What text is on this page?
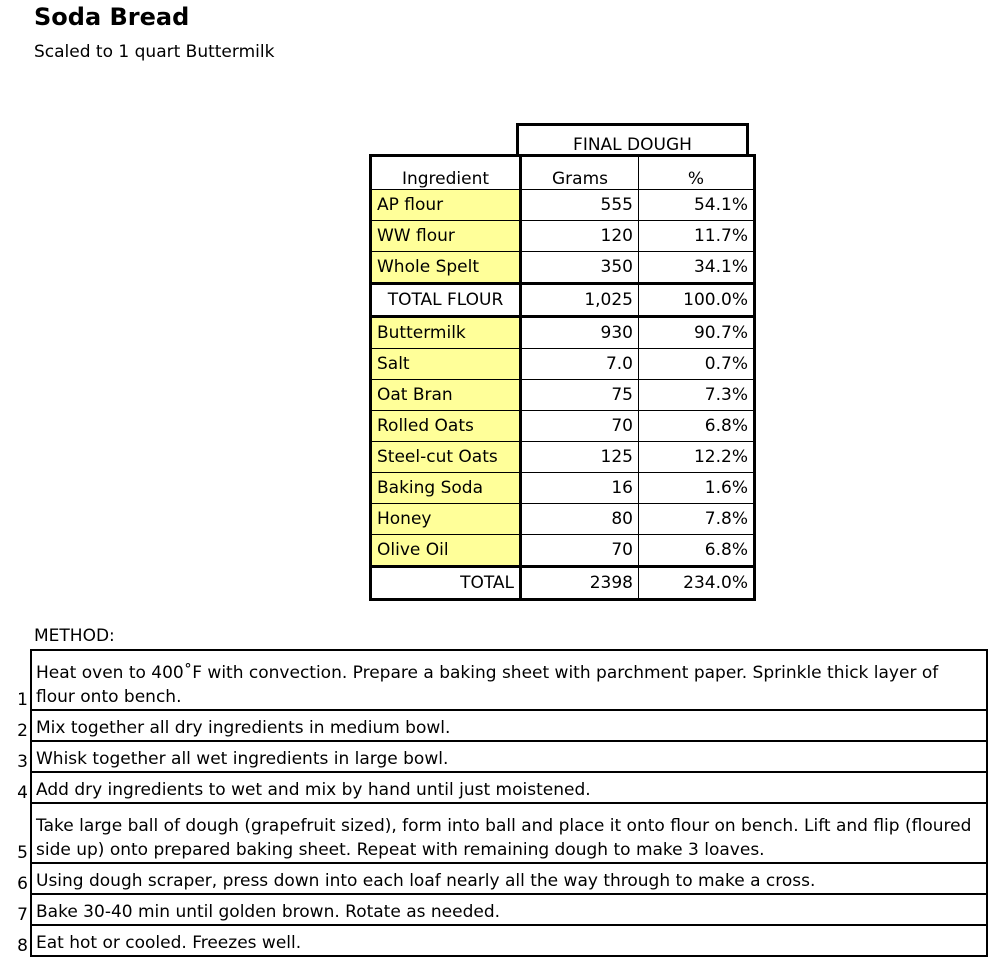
Soda Bread
Scaled to 1 quart Buttermilk
FINAL DOUGH
Ingredient	Grams	%
AP flour	555	54.1%
WW flour	120	11.7%
Whole Spelt	350	34.1%
TOTAL FLOUR	1,025	100.0%
Buttermilk	930	90.7%
Salt	7.0	0.7%
Oat Bran	75	7.3%
Rolled Oats	70	6.8%
Steel-cut Oats	125	12.2%
Baking Soda	16	1.6%
Honey	80	7.8%
Olive Oil	70	6.8%
TOTAL	2398	234.0%
METHOD:
1	Heat oven to 400˚F with convection. Prepare a baking sheet with parchment paper. Sprinkle thick layer of flour onto bench.
2	Mix together all dry ingredients in medium bowl.
3	Whisk together all wet ingredients in large bowl.
4	Add dry ingredients to wet and mix by hand until just moistened.
5	Take large ball of dough (grapefruit sized), form into ball and place it onto flour on bench. Lift and flip (floured side up) onto prepared baking sheet. Repeat with remaining dough to make 3 loaves.
6	Using dough scraper, press down into each loaf nearly all the way through to make a cross.
7	Bake 30-40 min until golden brown. Rotate as needed.
8	Eat hot or cooled. Freezes well.
